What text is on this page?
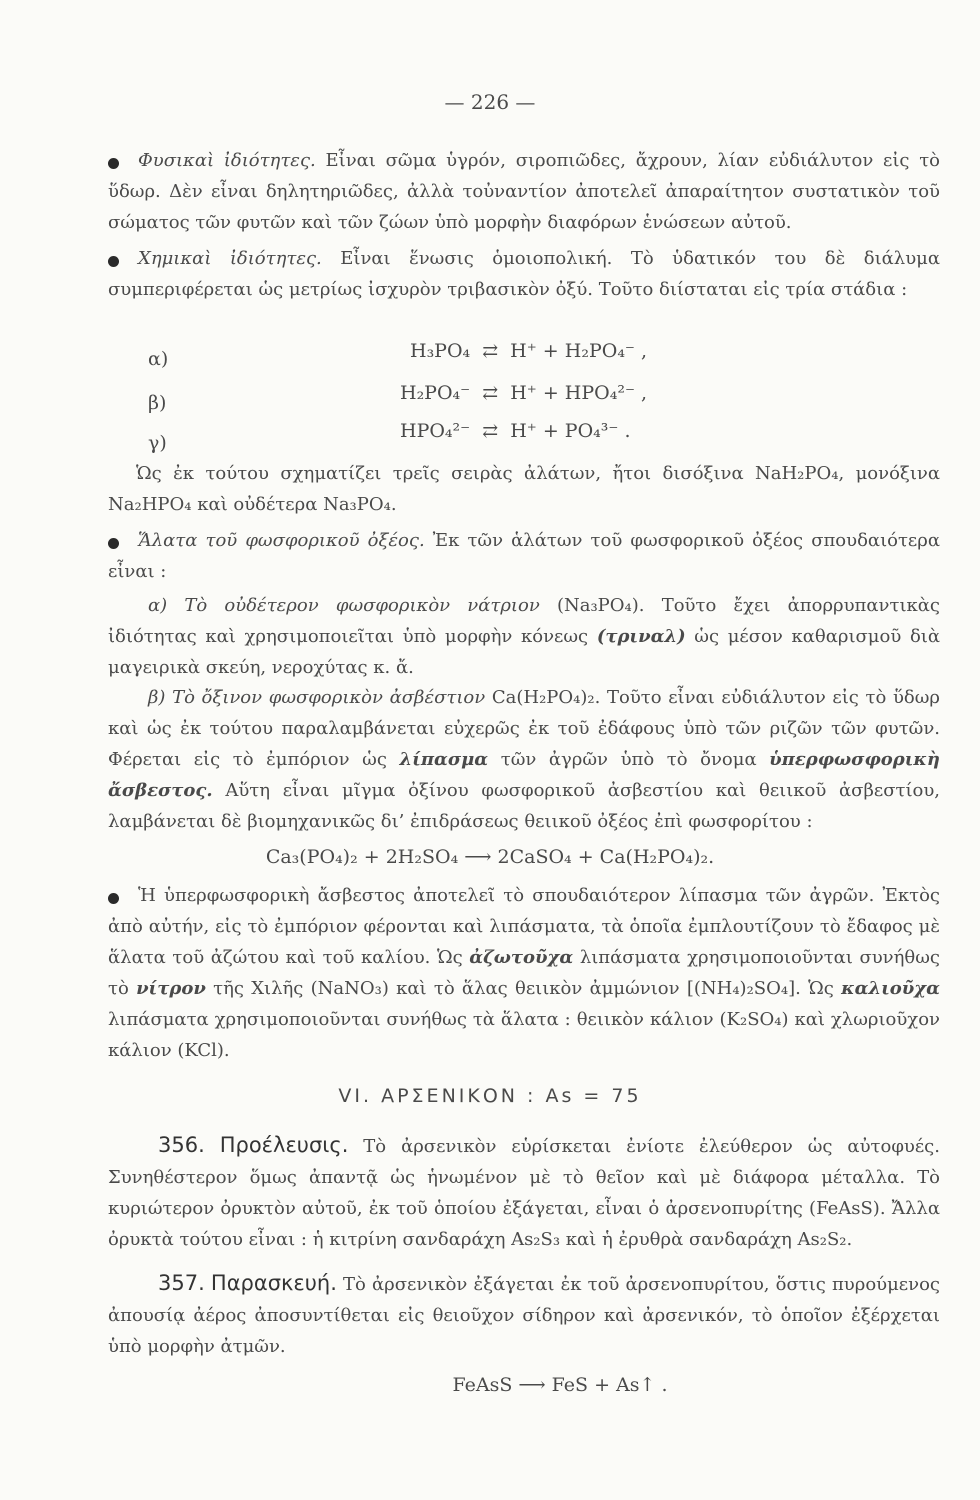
— 226 —
Φυσικαὶ ἰδιότητες. Εἶναι σῶμα ὑγρόν, σιροπιῶδες, ἄχρουν, λίαν εὐδιάλυτον εἰς τὸ ὕδωρ. Δὲν εἶναι δηλητηριῶδες, ἀλλὰ τοὐναντίον ἀποτελεῖ ἀπαραίτητον συστατικὸν τοῦ σώματος τῶν φυτῶν καὶ τῶν ζώων ὑπὸ μορφὴν διαφόρων ἑνώσεων αὐτοῦ.
Χημικαὶ ἰδιότητες. Εἶναι ἕνωσις ὁμοιοπολική. Τὸ ὑδατικόν του δὲ διάλυμα συμπεριφέρεται ὡς μετρίως ἰσχυρὸν τριβασικὸν ὀξύ. Τοῦτο διίσταται εἰς τρία στάδια :
α)	H₃PO₄ ⇄ H⁺ + H₂PO₄⁻ ,
β)	H₂PO₄⁻ ⇄ H⁺ + HPO₄²⁻ ,
γ)
HPO₄²⁻ ⇄ H⁺ + PO₄³⁻ .
Ὡς ἐκ τούτου σχηματίζει τρεῖς σειρὰς ἀλάτων, ἤτοι δισόξινα NaH₂PO₄, μονόξινα Na₂HPO₄ καὶ οὐδέτερα Na₃PO₄.
Ἅλατα τοῦ φωσφορικοῦ ὀξέος. Ἐκ τῶν ἁλάτων τοῦ φωσφορικοῦ ὀξέος σπουδαιότερα εἶναι :
α) Τὸ οὐδέτερον φωσφορικὸν νάτριον (Na₃PO₄). Τοῦτο ἔχει ἀπορρυπαντικὰς ἰδιότητας καὶ χρησιμοποιεῖται ὑπὸ μορφὴν κόνεως (τριναλ) ὡς μέσον καθαρισμοῦ διὰ μαγειρικὰ σκεύη, νεροχύτας κ. ἄ.
β) Τὸ ὄξινον φωσφορικὸν ἀσβέστιον Ca(H₂PO₄)₂. Τοῦτο εἶναι εὐδιάλυτον εἰς τὸ ὕδωρ καὶ ὡς ἐκ τούτου παραλαμβάνεται εὐχερῶς ἐκ τοῦ ἐδάφους ὑπὸ τῶν ριζῶν τῶν φυτῶν. Φέρεται εἰς τὸ ἐμπόριον ὡς λίπασμα τῶν ἀγρῶν ὑπὸ τὸ ὄνομα ὑπερφωσφορικὴ ἄσβεστος. Αὕτη εἶναι μῖγμα ὀξίνου φωσφορικοῦ ἀσβεστίου καὶ θειικοῦ ἀσβεστίου, λαμβάνεται δὲ βιομηχανικῶς δι’ ἐπιδράσεως θειικοῦ ὀξέος ἐπὶ φωσφορίτου :
Ca₃(PO₄)₂ + 2H₂SO₄ ⟶ 2CaSO₄ + Ca(H₂PO₄)₂.
Ἡ ὑπερφωσφορικὴ ἄσβεστος ἀποτελεῖ τὸ σπουδαιότερον λίπασμα τῶν ἀγρῶν. Ἐκτὸς ἀπὸ αὐτήν, εἰς τὸ ἐμπόριον φέρονται καὶ λιπάσματα, τὰ ὁποῖα ἐμπλουτίζουν τὸ ἔδαφος μὲ ἅλατα τοῦ ἀζώτου καὶ τοῦ καλίου. Ὡς ἀζωτοῦχα λιπάσματα χρησιμοποιοῦνται συνήθως τὸ νίτρον τῆς Χιλῆς (NaNO₃) καὶ τὸ ἅλας θειικὸν ἀμμώνιον [(NH₄)₂SO₄]. Ὡς καλιοῦχα λιπάσματα χρησιμοποιοῦνται συνήθως τὰ ἅλατα : θειικὸν κάλιον (K₂SO₄) καὶ χλωριοῦχον κάλιον (KCl).
VI. ΑΡΣΕΝΙΚΟΝ : As = 75
356. Προέλευσις. Τὸ ἀρσενικὸν εὑρίσκεται ἐνίοτε ἐλεύθερον ὡς αὐτοφυές. Συνηθέστερον ὅμως ἀπαντᾷ ὡς ἡνωμένον μὲ τὸ θεῖον καὶ μὲ διάφορα μέταλλα. Τὸ κυριώτερον ὀρυκτὸν αὐτοῦ, ἐκ τοῦ ὁποίου ἐξάγεται, εἶναι ὁ ἀρσενοπυρίτης (FeAsS). Ἄλλα ὀρυκτὰ τούτου εἶναι : ἡ κιτρίνη σανδαράχη As₂S₃ καὶ ἡ ἐρυθρὰ σανδαράχη As₂S₂.
357. Παρασκευή. Τὸ ἀρσενικὸν ἐξάγεται ἐκ τοῦ ἀρσενοπυρίτου, ὅστις πυρούμενος ἀπουσίᾳ ἀέρος ἀποσυντίθεται εἰς θειοῦχον σίδηρον καὶ ἀρσενικόν, τὸ ὁποῖον ἐξέρχεται ὑπὸ μορφὴν ἀτμῶν.
FeAsS ⟶ FeS + As↑ .
